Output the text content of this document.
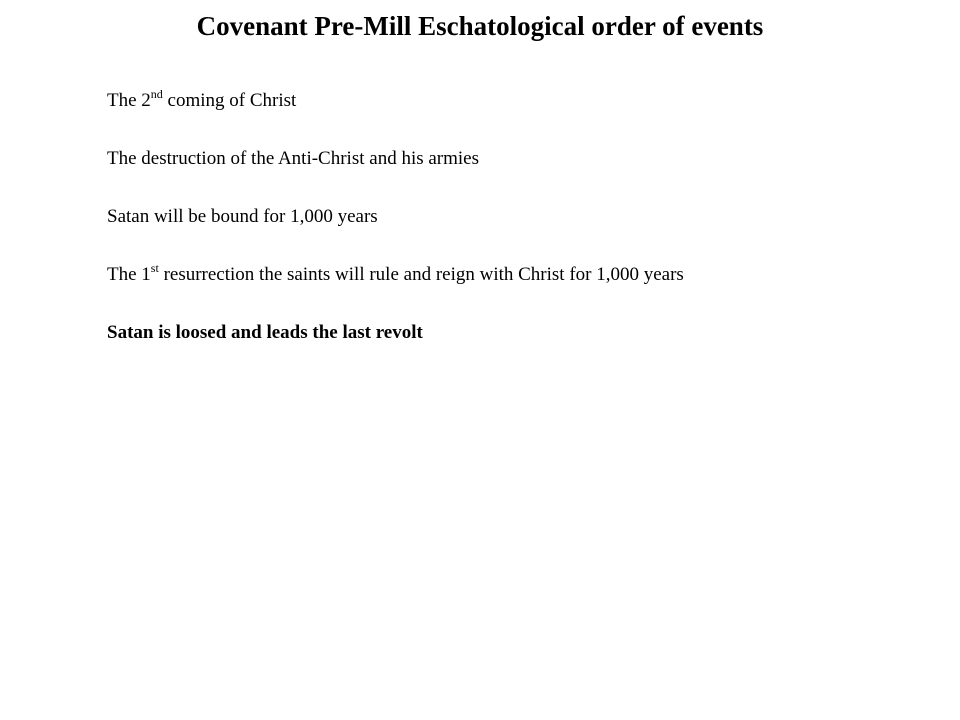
Covenant Pre-Mill Eschatological order of events
The 2nd coming of Christ
The destruction of the Anti-Christ and his armies
Satan will be bound for 1,000 years
The 1st resurrection the saints will rule and reign with Christ for 1,000 years
Satan is loosed and leads the last revolt
